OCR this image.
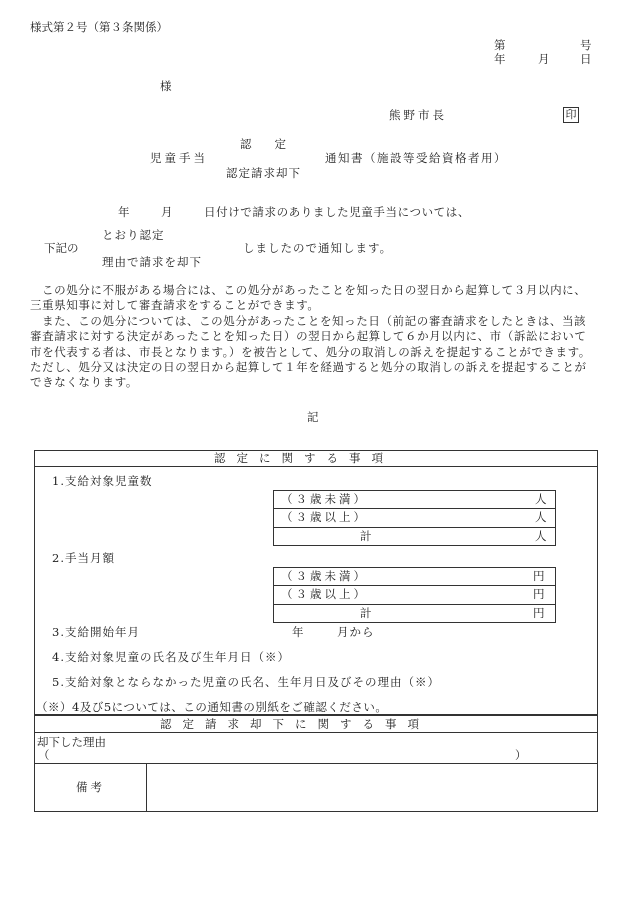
様式第２号（第３条関係）
第	号
年	月	日
様
熊野市長	印
認　　定
児童手当	通知書（施設等受給資格者用）
認定請求却下
年	月	日付けで請求のありました児童手当については、
とおり認定
下記の	しましたので通知します。
理由で請求を却下
この処分に不服がある場合には、この処分があったことを知った日の翌日から起算して３月以内に、三重県知事に対して審査請求をすることができます。
また、この処分については、この処分があったことを知った日（前記の審査請求をしたときは、当該審査請求に対する決定があったことを知った日）の翌日から起算して６か月以内に、市（訴訟において市を代表する者は、市長となります。）を被告として、処分の取消しの訴えを提起することができます。ただし、処分又は決定の日の翌日から起算して１年を経過すると処分の取消しの訴えを提起することができなくなります。
記
認定に関する事項
1.支給対象児童数
（３歳未満）	人
（３歳以上）	人
計	人
2.手当月額
（３歳未満）	円
（３歳以上）	円
計	円
3.支給開始年月	年	月から
4.支給対象児童の氏名及び生年月日（※）
5.支給対象とならなかった児童の氏名、生年月日及びその理由（※）
（※）4及び5については、この通知書の別紙をご確認ください。
認定請求却下に関する事項
却下した理由
（	）
備考
